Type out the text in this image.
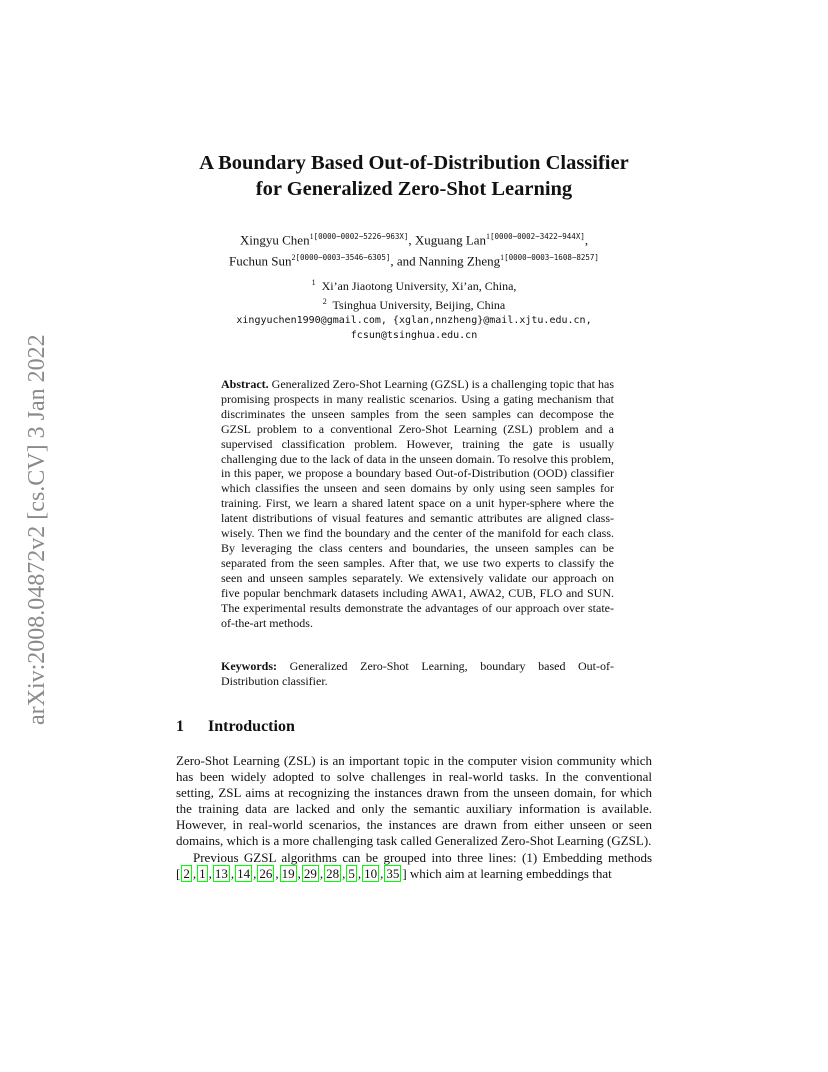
arXiv:2008.04872v2 [cs.CV] 3 Jan 2022
A Boundary Based Out-of-Distribution Classifier
for Generalized Zero-Shot Learning
Xingyu Chen$^{1[0000-0002-5226-963X]}$, Xuguang Lan$^{1[0000-0002-3422-944X]}$,
Fuchun Sun$^{2[0000-0003-3546-6305]}$, and Nanning Zheng$^{1[0000-0003-1608-8257]}$
$^1$ Xi’an Jiaotong University, Xi’an, China,
$^2$ Tsinghua University, Beijing, China
xingyuchen1990@gmail.com, {xglan,nnzheng}@mail.xjtu.edu.cn,
fcsun@tsinghua.edu.cn
Abstract. Generalized Zero-Shot Learning (GZSL) is a challenging topic that has promising prospects in many realistic scenarios. Using a gating mechanism that discriminates the unseen samples from the seen samples can decompose the GZSL problem to a conventional Zero-Shot Learning (ZSL) problem and a supervised classification problem. However, training the gate is usually challenging due to the lack of data in the unseen domain. To resolve this problem, in this paper, we propose a boundary based Out-of-Distribution (OOD) classifier which classifies the unseen and seen domains by only using seen samples for training. First, we learn a shared latent space on a unit hyper-sphere where the latent distributions of visual features and semantic attributes are aligned class-wisely. Then we find the boundary and the center of the manifold for each class. By leveraging the class centers and boundaries, the unseen samples can be separated from the seen samples. After that, we use two experts to classify the seen and unseen samples separately. We extensively validate our approach on five popular benchmark datasets including AWA1, AWA2, CUB, FLO and SUN. The experimental results demonstrate the advantages of our approach over state-of-the-art methods.
Keywords: Generalized Zero-Shot Learning, boundary based Out-of-Distribution classifier.
1 Introduction

Zero-Shot Learning (ZSL) is an important topic in the computer vision community which has been widely adopted to solve challenges in real-world tasks. In the conventional setting, ZSL aims at recognizing the instances drawn from the unseen domain, for which the training data are lacked and only the semantic auxiliary information is available. However, in real-world scenarios, the instances are drawn from either unseen or seen domains, which is a more challenging task called Generalized Zero-Shot Learning (GZSL).

Previous GZSL algorithms can be grouped into three lines: (1) Embedding methods [ 2 , 1 , 13 , 14 , 26 , 19 , 29 , 28 , 5 , 10 , 35 ] which aim at learning embeddings that
